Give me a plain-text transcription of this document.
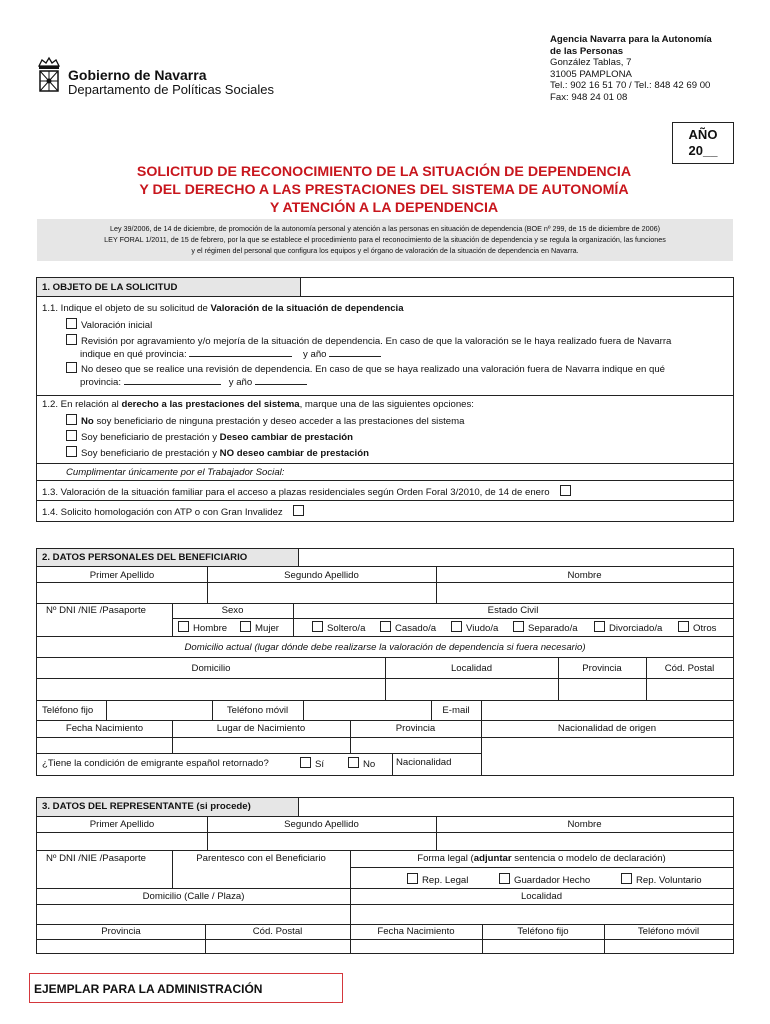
Gobierno de Navarra
Departamento de Políticas Sociales
Agencia Navarra para la Autonomía
de las Personas
González Tablas, 7
31005 PAMPLONA
Tel.: 902 16 51 70 / Tel.: 848 42 69 00
Fax: 948 24 01 08
AÑO
20__
SOLICITUD DE RECONOCIMIENTO DE LA SITUACIÓN DE DEPENDENCIA
Y DEL DERECHO A LAS PRESTACIONES DEL SISTEMA DE AUTONOMÍA
Y ATENCIÓN A LA DEPENDENCIA
Ley 39/2006, de 14 de diciembre, de promoción de la autonomía personal y atención a las personas en situación de dependencia (BOE nº 299, de 15 de diciembre de 2006)
LEY FORAL 1/2011, de 15 de febrero, por la que se establece el procedimiento para el reconocimiento de la situación de dependencia y se regula la organización, las funciones
y el régimen del personal que configura los equipos y el órgano de valoración de la situación de dependencia en Navarra.
1. OBJETO DE LA SOLICITUD
1.1. Indique el objeto de su solicitud de Valoración de la situación de dependencia
Valoración inicial
Revisión por agravamiento y/o mejoría de la situación de dependencia. En caso de que la valoración se le haya realizado fuera de Navarra
indique en qué provincia:	y año
No deseo que se realice una revisión de dependencia. En caso de que se haya realizado una valoración fuera de Navarra indique en qué
provincia:	y año
1.2. En relación al derecho a las prestaciones del sistema, marque una de las siguientes opciones:
No soy beneficiario de ninguna prestación y deseo acceder a las prestaciones del sistema
Soy beneficiario de prestación y Deseo cambiar de prestación
Soy beneficiario de prestación y NO deseo cambiar de prestación
Cumplimentar únicamente por el Trabajador Social:
1.3. Valoración de la situación familiar para el acceso a plazas residenciales según Orden Foral 3/2010, de 14 de enero
1.4. Solicito homologación con ATP o con Gran Invalidez
2. DATOS PERSONALES DEL BENEFICIARIO
Primer Apellido	Segundo Apellido	Nombre
Nº DNI /NIE /Pasaporte	Sexo	Estado Civil
Hombre	Mujer	Soltero/a	Casado/a	Viudo/a	Separado/a	Divorciado/a	Otros
Domicilio actual (lugar dónde debe realizarse la valoración de dependencia si fuera necesario)
Domicilio	Localidad	Provincia	Cód. Postal
Teléfono fijo	Teléfono móvil	E-mail
Fecha Nacimiento	Lugar de Nacimiento	Provincia	Nacionalidad de origen
¿Tiene la condición de emigrante español retornado?	Sí	No Nacionalidad
3. DATOS DEL REPRESENTANTE (si procede)
Primer Apellido	Segundo Apellido	Nombre
Nº DNI /NIE /Pasaporte	Parentesco con el Beneficiario	Forma legal (adjuntar sentencia o modelo de declaración)
Rep. Legal	Guardador Hecho	Rep. Voluntario
Domicilio (Calle / Plaza)	Localidad
Provincia	Cód. Postal	Fecha Nacimiento	Teléfono fijo	Teléfono móvil
EJEMPLAR PARA LA ADMINISTRACIÓN
